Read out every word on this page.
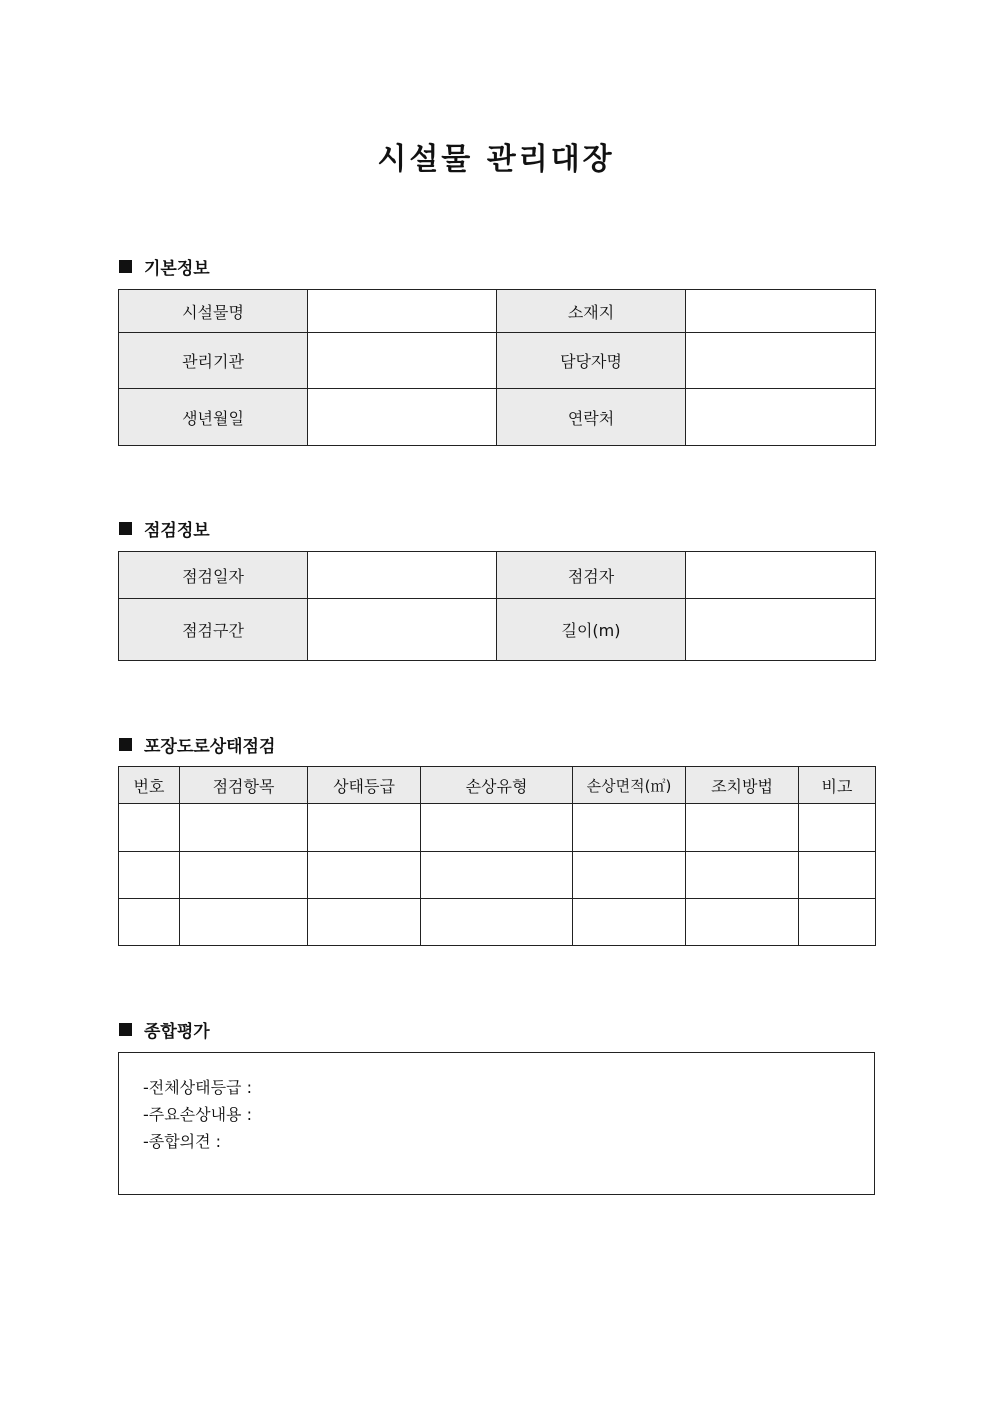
시설물 관리대장
기본정보
시설물명		소재지	
관리기관		담당자명	
생년월일		연락처	
점검정보
점검일자		점검자	
점검구간		길이(m)	
포장도로상태점검
번호	점검항목	상태등급	손상유형	손상면적(㎡)	조치방법	비고

종합평가
-전체상태등급 :
-주요손상내용 :
-종합의견 :
